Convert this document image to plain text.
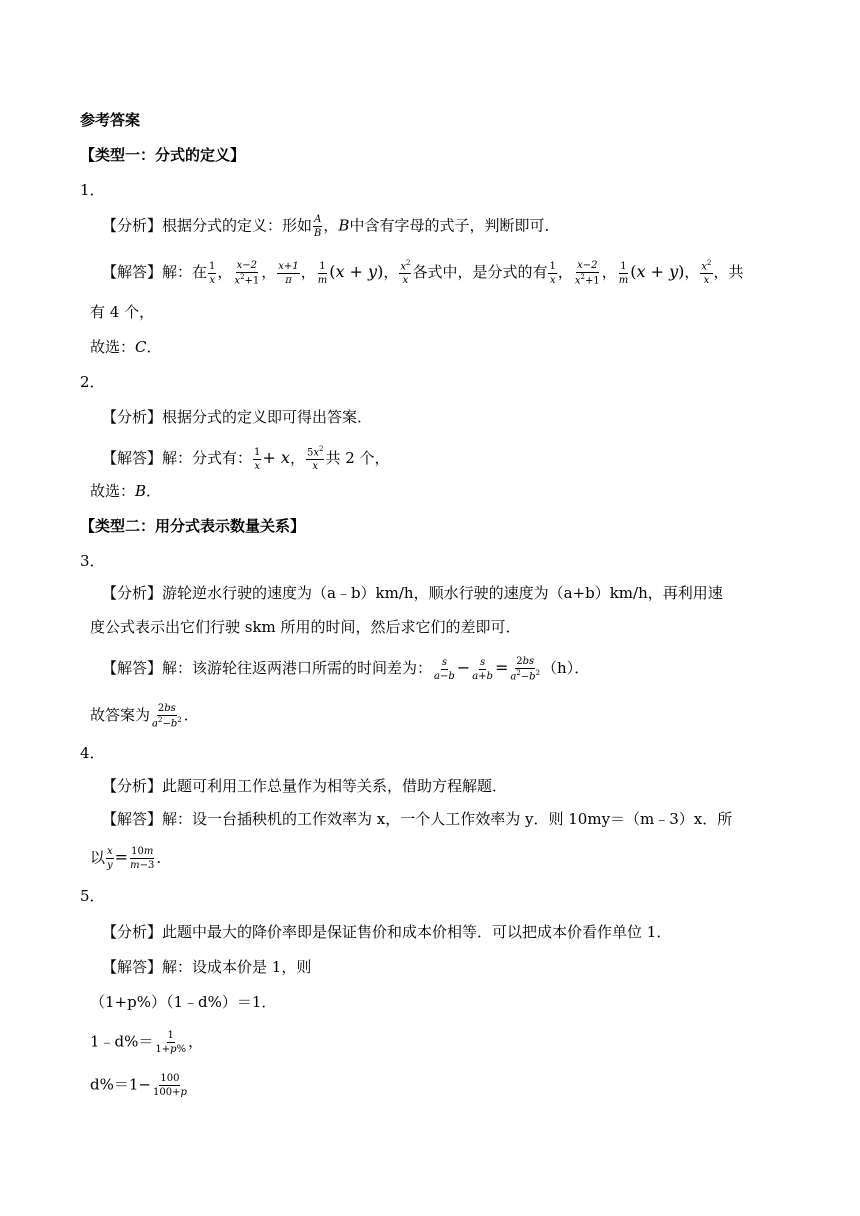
参考答案
【类型一：分式的定义】
1．
【分析】根据分式的定义：形如 $\frac{A}{B}$ ，B中含有字母的式子，判断即可．
【解答】解：在 $\frac{1}{x}$ ， $\frac{x-2}{x^2+1}$ ， $\frac{x+1}{\pi}$ ， $\frac{1}{m} (x + y)$， $\frac{x^2}{x}$ 各式中，是分式的有 $\frac{1}{x}$ ， $\frac{x-2}{x^2+1}$ ， $\frac{1}{m} (x + y)$， $\frac{x^2}{x}$ ，共
有 4 个，
故选：C．
2．
【分析】根据分式的定义即可得出答案．
【解答】解：分式有： $\frac{1}{x} + x$， $\frac{5x^2}{x}$ 共 2 个，
故选：B．
【类型二：用分式表示数量关系】
3．
【分析】游轮逆水行驶的速度为（a﹣b）km/h，顺水行驶的速度为（a+b）km/h，再利用速
度公式表示出它们行驶 skm 所用的时间，然后求它们的差即可．
【解答】解：该游轮往返两港口所需的时间差为： $\frac{s}{a-b} - \frac{s}{a+b} = \frac{2bs}{a^2-b^2} (h)$．
故答案为 $\frac{2bs}{a^2-b^2}$ ．
4．
【分析】此题可利用工作总量作为相等关系，借助方程解题．
【解答】解：设一台插秧机的工作效率为 x，一个人工作效率为 y．则 10my＝（m﹣3）x．所
以 $\frac{x}{y} = \frac{10m}{m-3}$ ．
5．
【分析】此题中最大的降价率即是保证售价和成本价相等．可以把成本价看作单位 1．
【解答】解：设成本价是 1，则
（1+p%）（1﹣d%）＝1．
1﹣d%＝ $\frac{1}{1+p\%}$ ，
$d\%=1- \frac{100}{100+p}$
